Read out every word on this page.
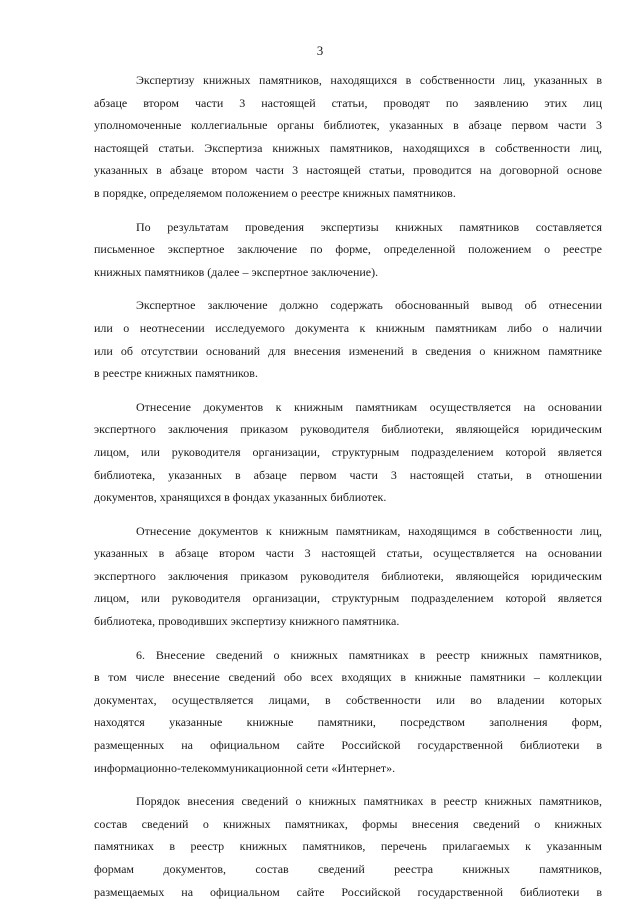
3
Экспертизу книжных памятников, находящихся в собственности лиц, указанных в
абзаце втором части 3 настоящей статьи, проводят по заявлению этих лиц
уполномоченные коллегиальные органы библиотек, указанных в абзаце первом части 3
настоящей статьи. Экспертиза книжных памятников, находящихся в собственности лиц,
указанных в абзаце втором части 3 настоящей статьи, проводится на договорной основе
в порядке, определяемом положением о реестре книжных памятников.
По результатам проведения экспертизы книжных памятников составляется
письменное экспертное заключение по форме, определенной положением о реестре
книжных памятников (далее – экспертное заключение).
Экспертное заключение должно содержать обоснованный вывод об отнесении
или о неотнесении исследуемого документа к книжным памятникам либо о наличии
или об отсутствии оснований для внесения изменений в сведения о книжном памятнике
в реестре книжных памятников.
Отнесение документов к книжным памятникам осуществляется на основании
экспертного заключения приказом руководителя библиотеки, являющейся юридическим
лицом, или руководителя организации, структурным подразделением которой является
библиотека, указанных в абзаце первом части 3 настоящей статьи, в отношении
документов, хранящихся в фондах указанных библиотек.
Отнесение документов к книжным памятникам, находящимся в собственности лиц,
указанных в абзаце втором части 3 настоящей статьи, осуществляется на основании
экспертного заключения приказом руководителя библиотеки, являющейся юридическим
лицом, или руководителя организации, структурным подразделением которой является
библиотека, проводивших экспертизу книжного памятника.
6. Внесение сведений о книжных памятниках в реестр книжных памятников,
в том числе внесение сведений обо всех входящих в книжные памятники – коллекции
документах, осуществляется лицами, в собственности или во владении которых
находятся указанные книжные памятники, посредством заполнения форм,
размещенных на официальном сайте Российской государственной библиотеки в
информационно-телекоммуникационной сети «Интернет».
Порядок внесения сведений о книжных памятниках в реестр книжных памятников,
состав сведений о книжных памятниках, формы внесения сведений о книжных
памятниках в реестр книжных памятников, перечень прилагаемых к указанным
формам документов, состав сведений реестра книжных памятников,
размещаемых на официальном сайте Российской государственной библиотеки в
